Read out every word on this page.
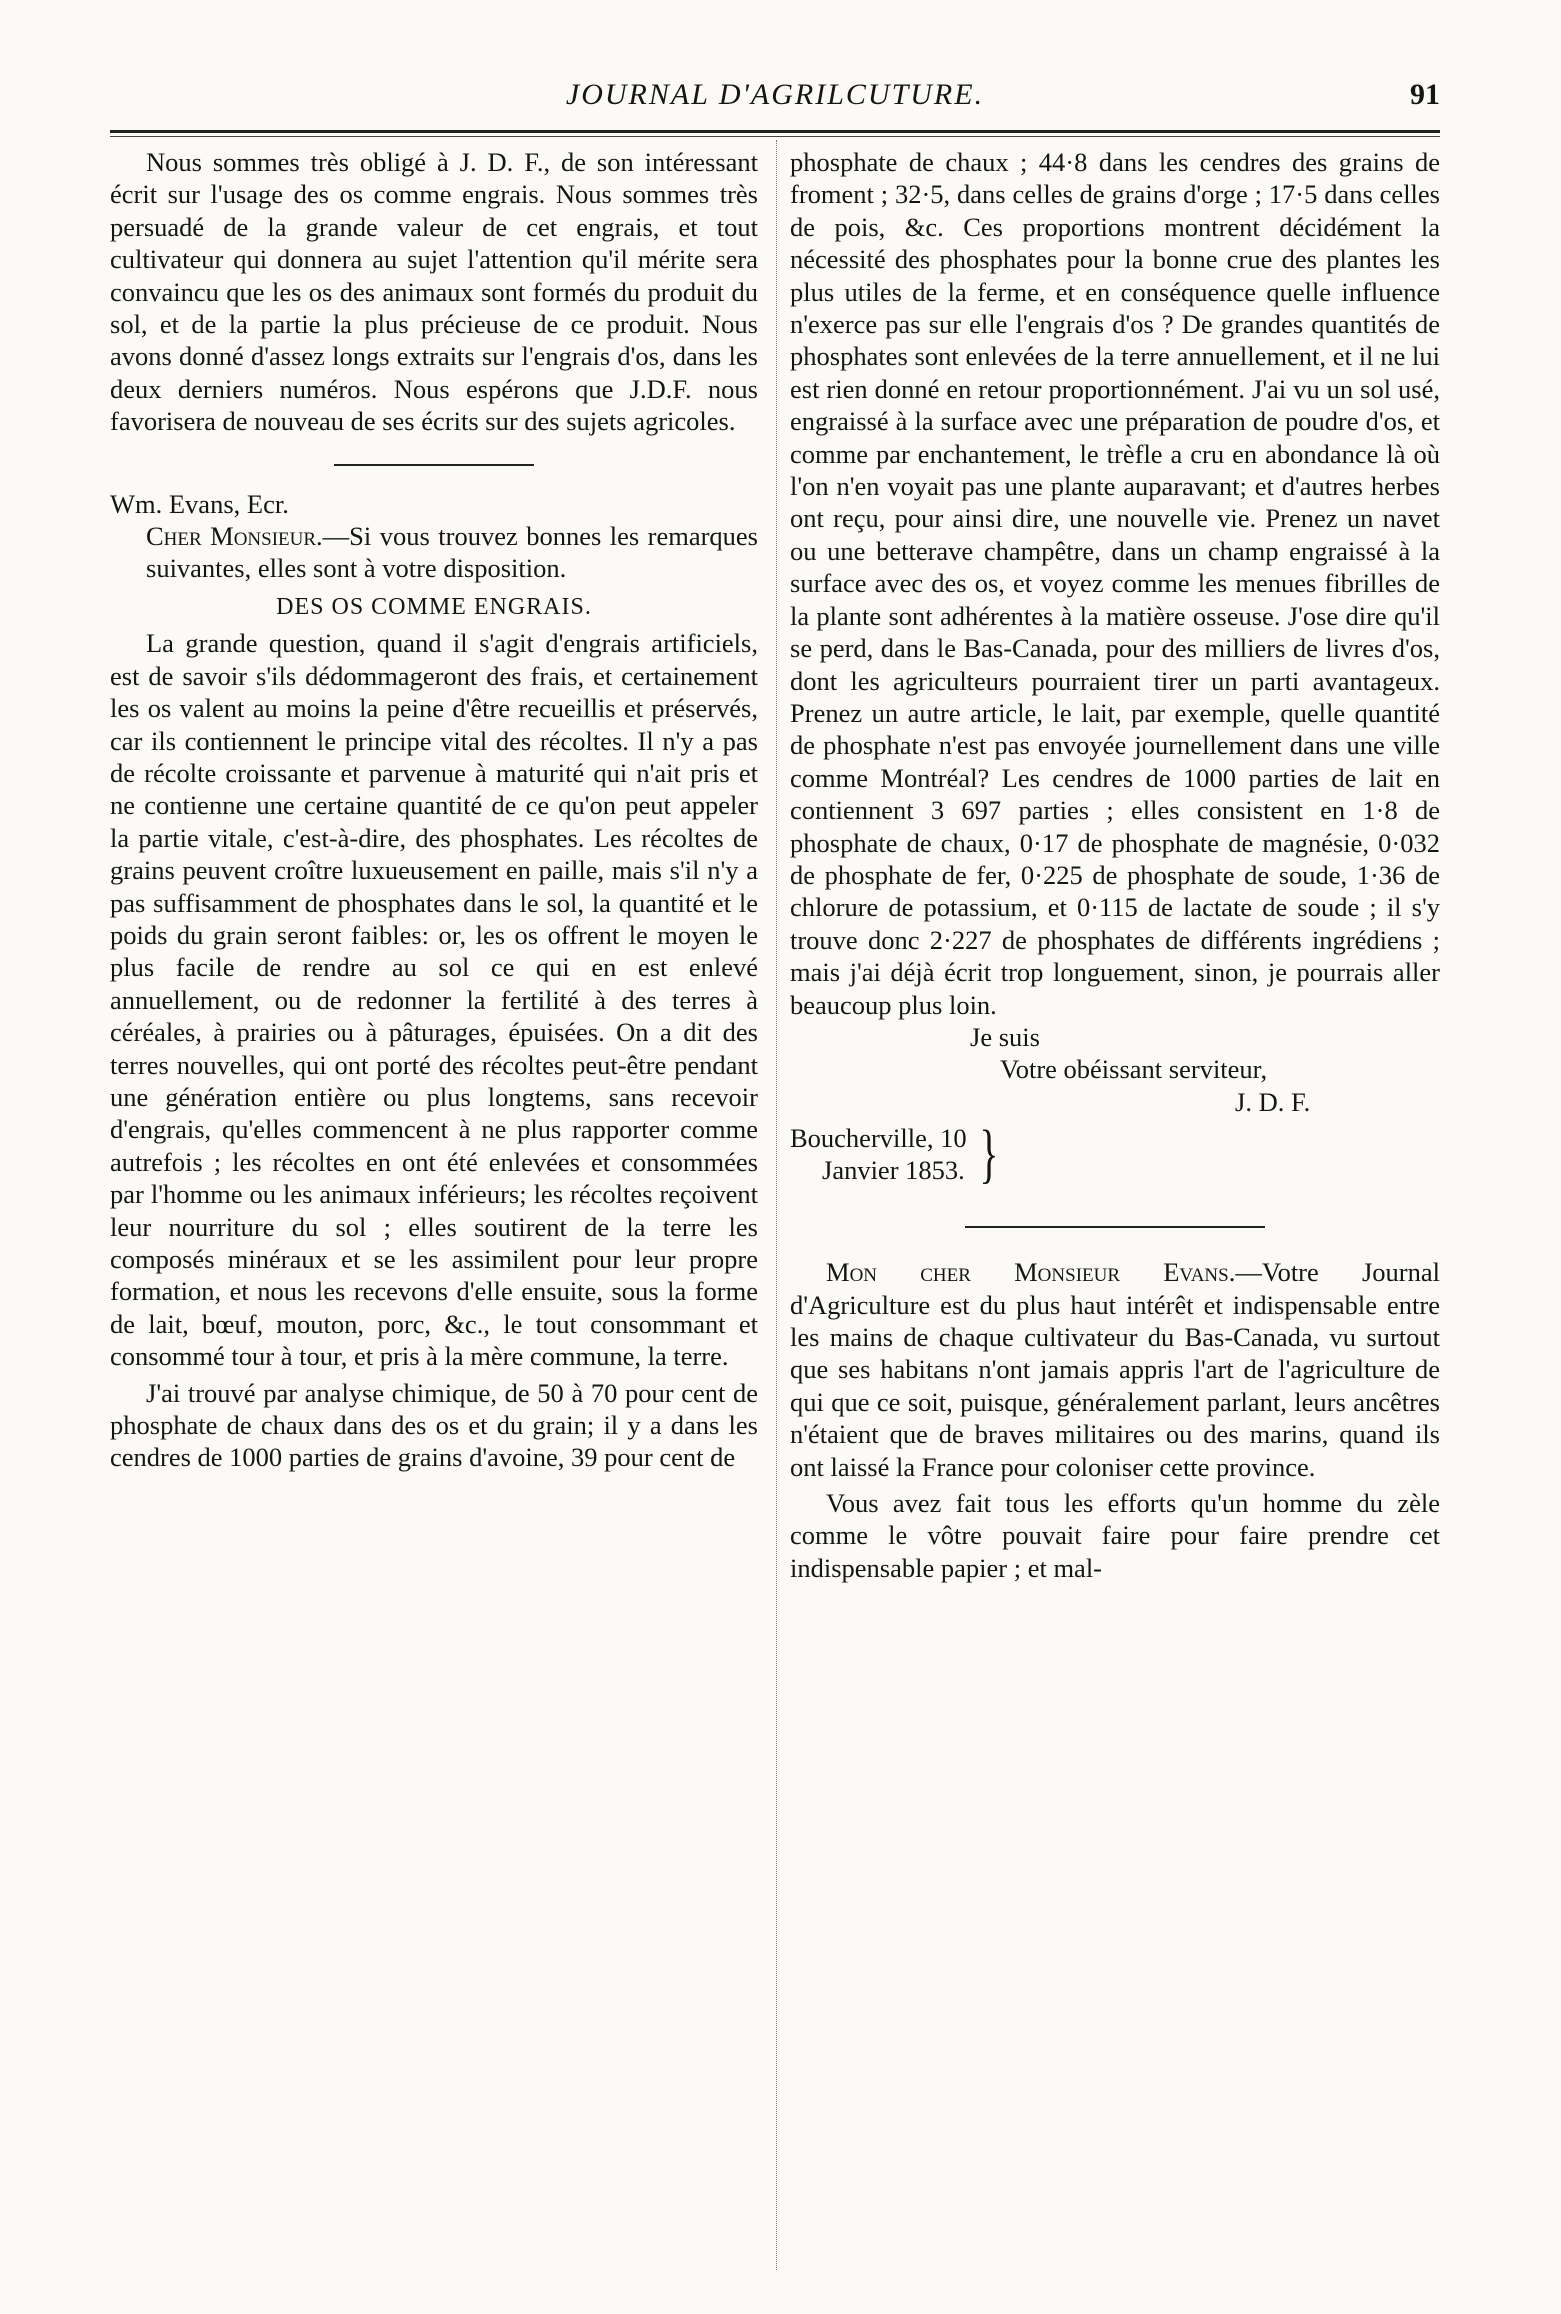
JOURNAL D'AGRILCUTURE.	91

Nous sommes très obligé à J. D. F., de son intéressant écrit sur l'usage des os comme engrais. Nous sommes très persuadé de la grande valeur de cet engrais, et tout cultivateur qui donnera au sujet l'attention qu'il mérite sera convaincu que les os des animaux sont formés du produit du sol, et de la partie la plus précieuse de ce produit. Nous avons donné d'assez longs extraits sur l'engrais d'os, dans les deux derniers numéros. Nous espérons que J.D.F. nous favorisera de nouveau de ses écrits sur des sujets agricoles.

Wm. Evans, Ecr.

Cher Monsieur.—Si vous trouvez bonnes les remarques suivantes, elles sont à votre disposition.

DES OS COMME ENGRAIS.

La grande question, quand il s'agit d'engrais artificiels, est de savoir s'ils dédommageront des frais, et certainement les os valent au moins la peine d'être recueillis et préservés, car ils contiennent le principe vital des récoltes. Il n'y a pas de récolte croissante et parvenue à maturité qui n'ait pris et ne contienne une certaine quantité de ce qu'on peut appeler la partie vitale, c'est-à-dire, des phosphates. Les récoltes de grains peuvent croître luxueusement en paille, mais s'il n'y a pas suffisamment de phosphates dans le sol, la quantité et le poids du grain seront faibles: or, les os offrent le moyen le plus facile de rendre au sol ce qui en est enlevé annuellement, ou de redonner la fertilité à des terres à céréales, à prairies ou à pâturages, épuisées. On a dit des terres nouvelles, qui ont porté des récoltes peut-être pendant une génération entière ou plus longtems, sans recevoir d'engrais, qu'elles commencent à ne plus rapporter comme autrefois ; les récoltes en ont été enlevées et consommées par l'homme ou les animaux inférieurs; les récoltes reçoivent leur nourriture du sol ; elles soutirent de la terre les composés minéraux et se les assimilent pour leur propre formation, et nous les recevons d'elle ensuite, sous la forme de lait, bœuf, mouton, porc, &c., le tout consommant et consommé tour à tour, et pris à la mère commune, la terre.

J'ai trouvé par analyse chimique, de 50 à 70 pour cent de phosphate de chaux dans des os et du grain; il y a dans les cendres de 1000 parties de grains d'avoine, 39 pour cent de

phosphate de chaux ; 44·8 dans les cendres des grains de froment ; 32·5, dans celles de grains d'orge ; 17·5 dans celles de pois, &c. Ces proportions montrent décidément la nécessité des phosphates pour la bonne crue des plantes les plus utiles de la ferme, et en conséquence quelle influence n'exerce pas sur elle l'engrais d'os ? De grandes quantités de phosphates sont enlevées de la terre annuellement, et il ne lui est rien donné en retour proportionnément. J'ai vu un sol usé, engraissé à la surface avec une préparation de poudre d'os, et comme par enchantement, le trèfle a cru en abondance là où l'on n'en voyait pas une plante auparavant; et d'autres herbes ont reçu, pour ainsi dire, une nouvelle vie. Prenez un navet ou une betterave champêtre, dans un champ engraissé à la surface avec des os, et voyez comme les menues fibrilles de la plante sont adhérentes à la matière osseuse. J'ose dire qu'il se perd, dans le Bas-Canada, pour des milliers de livres d'os, dont les agriculteurs pourraient tirer un parti avantageux. Prenez un autre article, le lait, par exemple, quelle quantité de phosphate n'est pas envoyée journellement dans une ville comme Montréal? Les cendres de 1000 parties de lait en contiennent 3 697 parties ; elles consistent en 1·8 de phosphate de chaux, 0·17 de phosphate de magnésie, 0·032 de phosphate de fer, 0·225 de phosphate de soude, 1·36 de chlorure de potassium, et 0·115 de lactate de soude ; il s'y trouve donc 2·227 de phosphates de différents ingrédiens ; mais j'ai déjà écrit trop longuement, sinon, je pourrais aller beaucoup plus loin.

Je suis

Votre obéissant serviteur,

J. D. F.

Boucherville, 10
Janvier 1853. }

Mon cher Monsieur Evans.—Votre Journal d'Agriculture est du plus haut intérêt et indispensable entre les mains de chaque cultivateur du Bas-Canada, vu surtout que ses habitans n'ont jamais appris l'art de l'agriculture de qui que ce soit, puisque, généralement parlant, leurs ancêtres n'étaient que de braves militaires ou des marins, quand ils ont laissé la France pour coloniser cette province.

Vous avez fait tous les efforts qu'un homme du zèle comme le vôtre pouvait faire pour faire prendre cet indispensable papier ; et mal-
